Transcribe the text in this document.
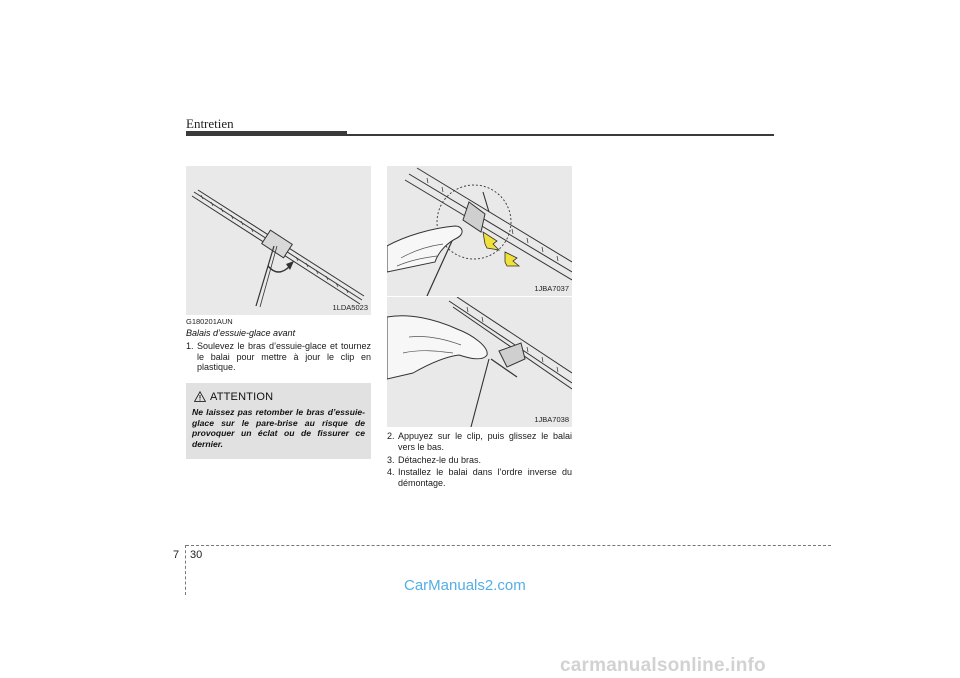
Entretien
1LDA5023
1JBA7037
1JBA7038
G180201AUN
Balais d’essuie-glace avant
1. Soulevez le bras d’essuie-glace et tournez le balai pour mettre à jour le clip en plastique.
ATTENTION
Ne laissez pas retomber le bras d’essuie-glace sur le pare-brise au risque de provoquer un éclat ou de fissurer ce dernier.
2. Appuyez sur le clip, puis glissez le balai vers le bas.
3. Détachez-le du bras.
4. Installez le balai dans l’ordre inverse du démontage.
7 30
CarManuals2.com
carmanualsonline.info
